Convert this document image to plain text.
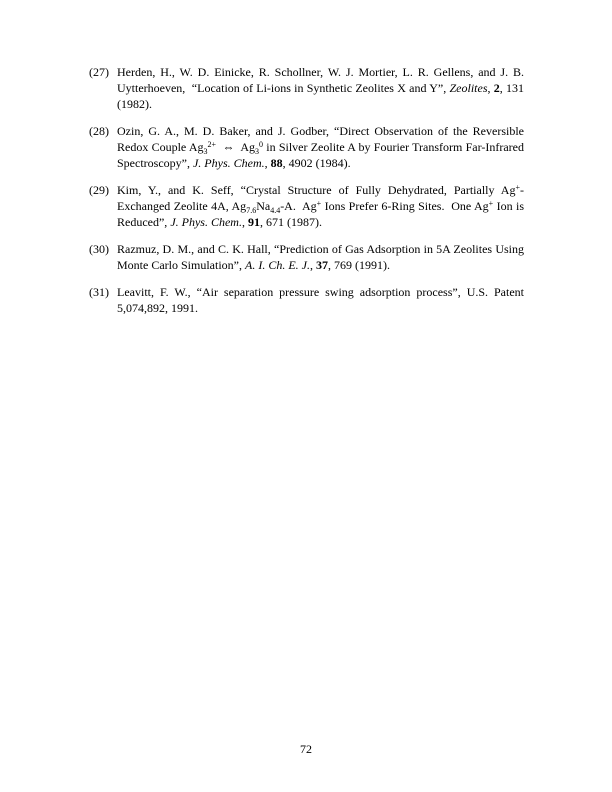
(27) Herden, H., W. D. Einicke, R. Schollner, W. J. Mortier, L. R. Gellens, and J. B. Uytterhoeven,  “Location of Li-ions in Synthetic Zeolites X and Y”, Zeolites, 2, 131 (1982).
(28) Ozin, G. A., M. D. Baker, and J. Godber, “Direct Observation of the Reversible Redox Couple $Ag_3^{2+}$  ⇔  $Ag_3^0$ in Silver Zeolite A by Fourier Transform Far-Infrared Spectroscopy”, J. Phys. Chem., 88, 4902 (1984).
(29) Kim, Y., and K. Seff, “Crystal Structure of Fully Dehydrated, Partially Ag+-Exchanged Zeolite 4A, $Ag_{7.6}Na_{4.4}-A$.  Ag+ Ions Prefer 6-Ring Sites.  One Ag+ Ion is Reduced”, J. Phys. Chem., 91, 671 (1987).
(30) Razmuz, D. M., and C. K. Hall, “Prediction of Gas Adsorption in 5A Zeolites Using Monte Carlo Simulation”, A. I. Ch. E. J., 37, 769 (1991).
(31) Leavitt, F. W., “Air separation pressure swing adsorption process”, U.S. Patent 5,074,892, 1991.
72
